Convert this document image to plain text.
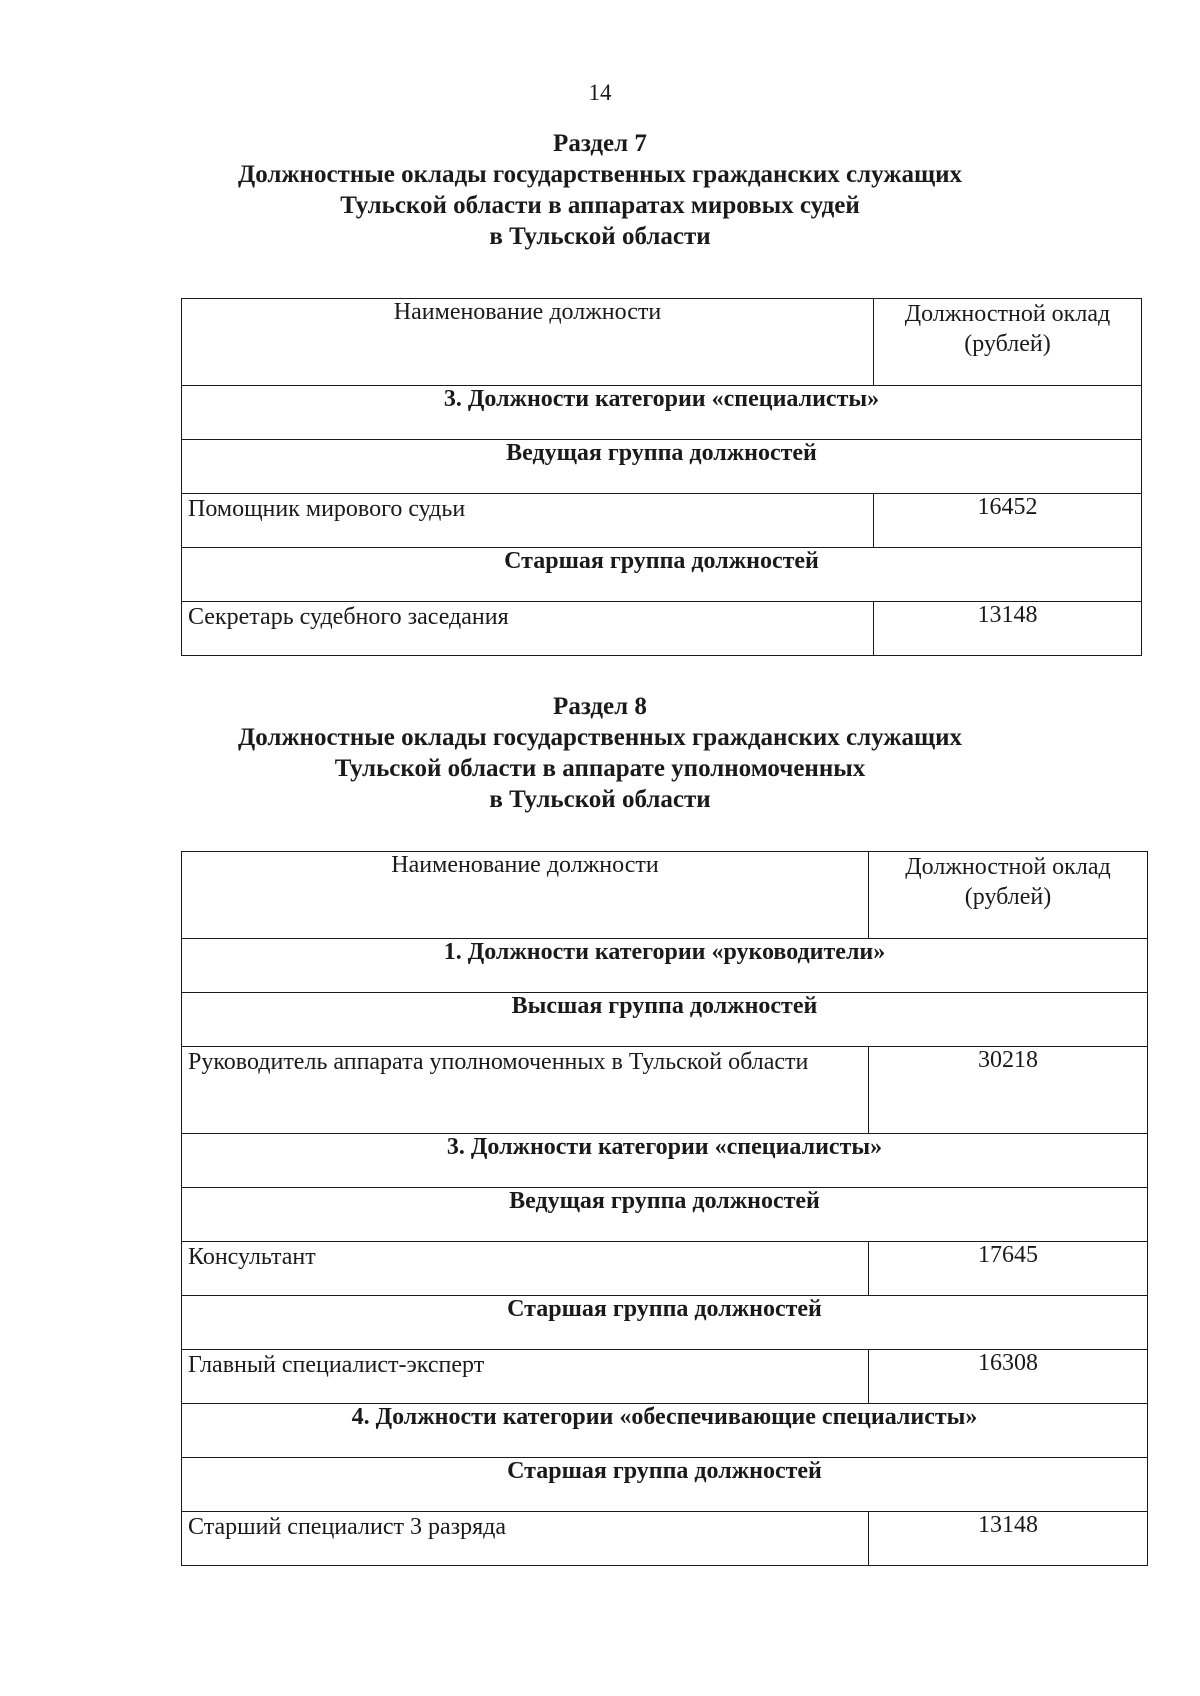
14
Раздел 7
Должностные оклады государственных гражданских служащих
Тульской области в аппаратах мировых судей
в Тульской области
Наименование должности	Должностной оклад
(рублей)

3. Должности категории «специалисты»	
Ведущая группа должностей	
Помощник мирового судьи	16452
Старшая группа должностей	
Секретарь судебного заседания	13148
Раздел 8
Должностные оклады государственных гражданских служащих
Тульской области в аппарате уполномоченных
в Тульской области
Наименование должности	Должностной оклад
(рублей)

1. Должности категории «руководители»	
Высшая группа должностей	
Руководитель аппарата уполномоченных в Тульской области	30218
3. Должности категории «специалисты»	
Ведущая группа должностей	
Консультант	17645
Старшая группа должностей	
Главный специалист-эксперт	16308
4. Должности категории «обеспечивающие специалисты»	
Старшая группа должностей	
Старший специалист 3 разряда	13148
